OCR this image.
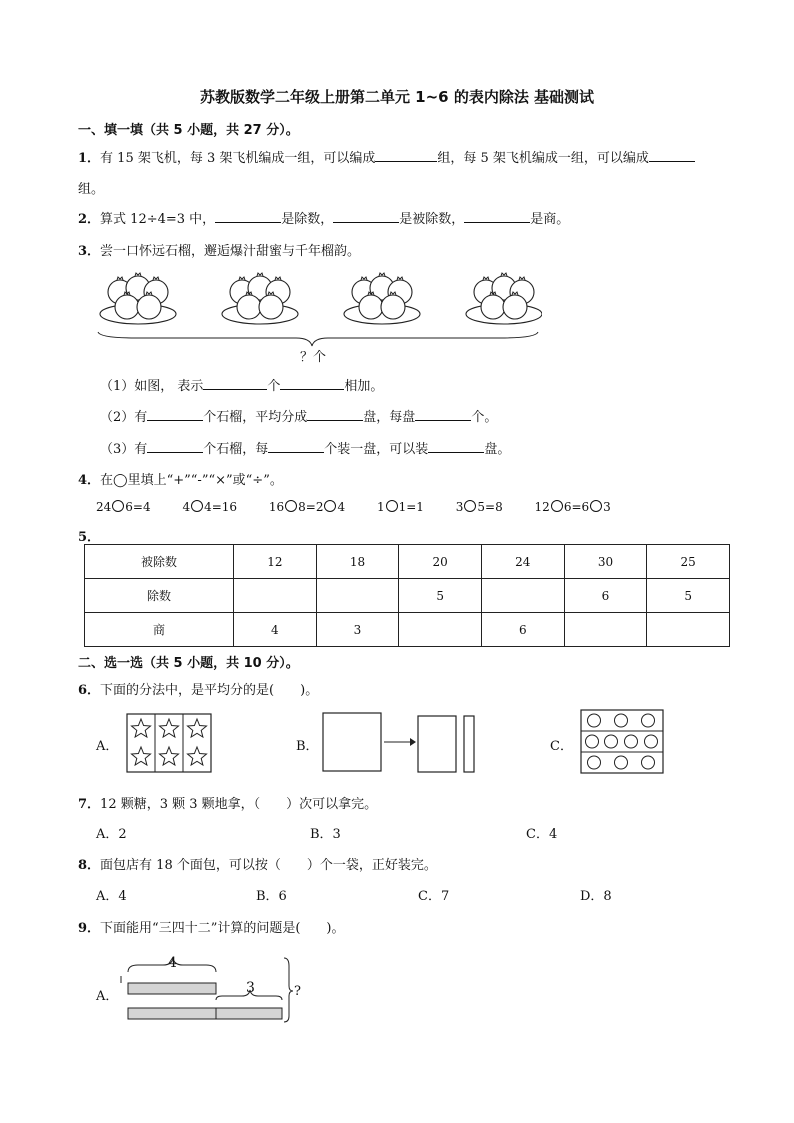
苏教版数学二年级上册第二单元 1~6 的表内除法 基础测试
一、填一填（共 5 小题，共 27 分）。
1．有 15 架飞机，每 3 架飞机编成一组，可以编成	组，每 5 架飞机编成一组，可以编成
组。
2．算式 12÷4=3 中，	是除数，	是被除数，	是商。
3．尝一口怀远石榴，邂逅爆汁甜蜜与千年榴韵。
？个
（1）如图， 表示	个	相加。
（2）有	个石榴，平均分成	盘，每盘	个。
（3）有	个石榴，每	个装一盘，可以装	盘。
4．在◯里填上“+”“-”“×”或“÷”。
24 6=4	4 4=16	16 8=2 4	1 1=1	3 5=8	12 6=6 3
5．
被除数	12	18	20	24	30	25
除数			5		6	5
商	4	3		6		
二、选一选（共 5 小题，共 10 分）。
6．下面的分法中，是平均分的是(　　)。
A．	B．	C．
7．12 颗糖，3 颗 3 颗地拿，（　　）次可以拿完。
A．2	B．3	C．4
8．面包店有 18 个面包，可以按（　　）个一袋，正好装完。
A．4	B．6	C．7	D．8
9．下面能用“三四十二”计算的问题是(　　)。
A．
4
3	?
